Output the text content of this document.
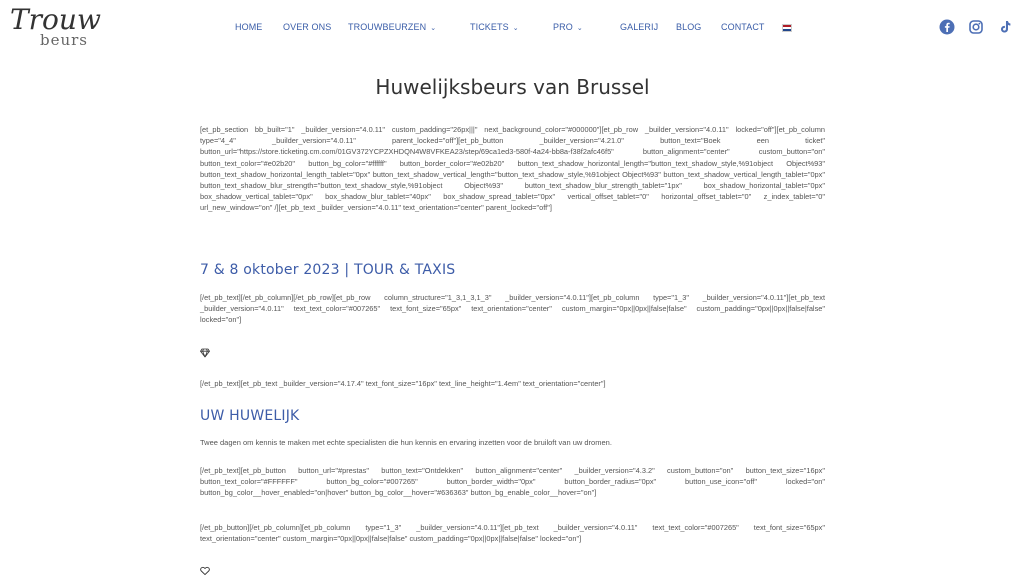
Trouw
beurs
HOME OVER ONS TROUWBEURZEN ⌄	TICKETS ⌄	PRO ⌄	GALERIJ BLOG CONTACT
Huwelijksbeurs van Brussel

[et_pb_section bb_built="1" _builder_version="4.0.11" custom_padding="26px|||" next_background_color="#000000"][et_pb_row _builder_version="4.0.11" locked="off"][et_pb_column type="4_4" _builder_version="4.0.11" parent_locked="off"][et_pb_button _builder_version="4.21.0" button_text="Boek een ticket" button_url="https://store.ticketing.cm.com/01GV372YCPZXHDQN4W8VFKEA23/step/69ca1ed3-580f-4a24-bb8a-f38f2afc46f5" button_alignment="center" custom_button="on" button_text_color="#e02b20" button_bg_color="#ffffff" button_border_color="#e02b20" button_text_shadow_horizontal_length="button_text_shadow_style,%91object Object%93" button_text_shadow_horizontal_length_tablet="0px" button_text_shadow_vertical_length="button_text_shadow_style,%91object Object%93" button_text_shadow_vertical_length_tablet="0px" button_text_shadow_blur_strength="button_text_shadow_style,%91object Object%93" button_text_shadow_blur_strength_tablet="1px" box_shadow_horizontal_tablet="0px" box_shadow_vertical_tablet="0px" box_shadow_blur_tablet="40px" box_shadow_spread_tablet="0px" vertical_offset_tablet="0" horizontal_offset_tablet="0" z_index_tablet="0" url_new_window="on" /][et_pb_text _builder_version="4.0.11" text_orientation="center" parent_locked="off"]

7 & 8 oktober 2023 | TOUR & TAXIS

[/et_pb_text][/et_pb_column][/et_pb_row][et_pb_row column_structure="1_3,1_3,1_3" _builder_version="4.0.11"][et_pb_column type="1_3" _builder_version="4.0.11"][et_pb_text _builder_version="4.0.11" text_text_color="#007265" text_font_size="65px" text_orientation="center" custom_margin="0px||0px||false|false" custom_padding="0px||0px||false|false" locked="on"]

[/et_pb_text][et_pb_text _builder_version="4.17.4" text_font_size="16px" text_line_height="1.4em" text_orientation="center"]

UW HUWELIJK
Twee dagen om kennis te maken met echte specialisten die hun kennis en ervaring inzetten voor de bruiloft van uw dromen.

[/et_pb_text][et_pb_button button_url="#prestas" button_text="Ontdekken" button_alignment="center" _builder_version="4.3.2" custom_button="on" button_text_size="16px" button_text_color="#FFFFFF" button_bg_color="#007265" button_border_width="0px" button_border_radius="0px" button_use_icon="off" locked="on" button_bg_color__hover_enabled="on|hover" button_bg_color__hover="#636363" button_bg_enable_color__hover="on"]

[/et_pb_button][/et_pb_column][et_pb_column type="1_3" _builder_version="4.0.11"][et_pb_text _builder_version="4.0.11" text_text_color="#007265" text_font_size="65px" text_orientation="center" custom_margin="0px||0px||false|false" custom_padding="0px||0px||false|false" locked="on"]
